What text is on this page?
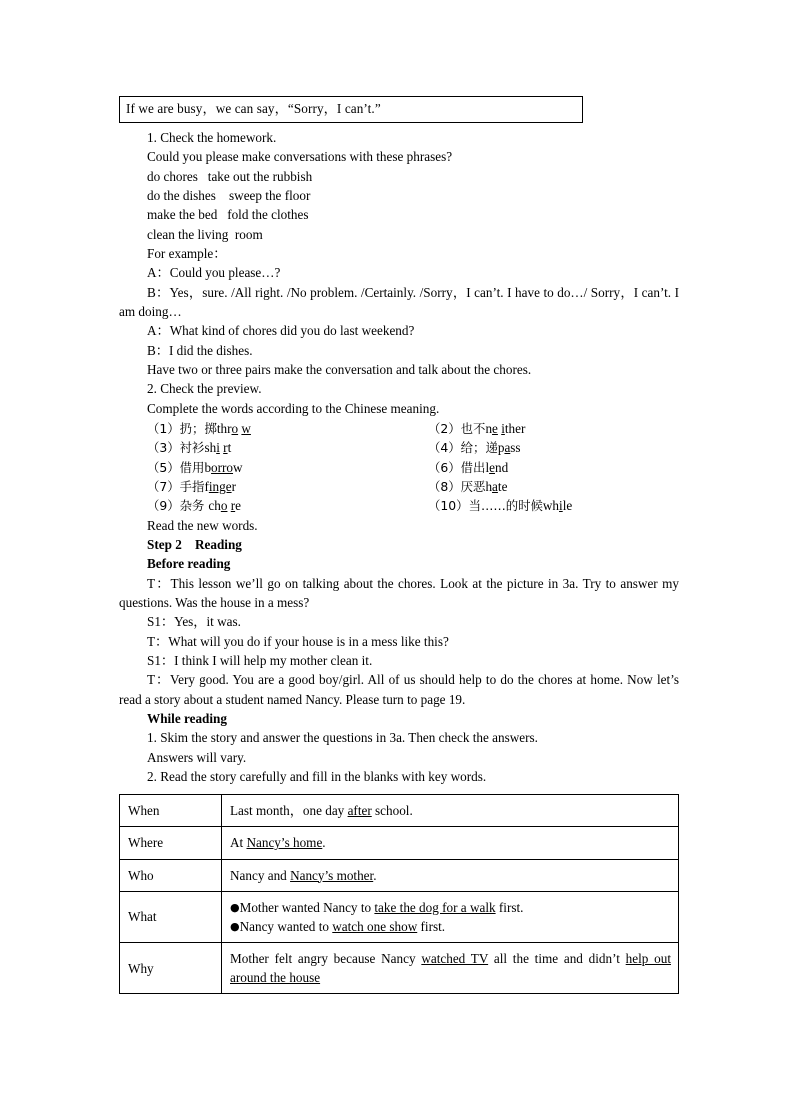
If we are busy，we can say，“Sorry，I can’t.”
1. Check the homework.
Could you please make conversations with these phrases?
do chores   take out the rubbish
do the dishes    sweep the floor
make the bed   fold the clothes
clean the living  room
For example：
A：Could you please…?
B：Yes，sure. /All right. /No problem. /Certainly. /Sorry，I can’t. I have to do…/ Sorry，I can’t. I am doing…
A：What kind of chores did you do last weekend?
B：I did the dishes.
Have two or three pairs make the conversation and talk about the chores.
2. Check the preview.
Complete the words according to the Chinese meaning.
（1）扔；掷thro w	（2）也不ne ither
（3）衬衫shi rt	（4）给；递pass
（5）借用borrow	（6）借出lend
（7）手指finger	（8）厌恶hate
（9）杂务 cho re	（10）当……的时候while
Read the new words.
Step 2　Reading
Before reading
T：This lesson we’ll go on talking about the chores. Look at the picture in 3a. Try to answer my questions. Was the house in a mess?
S1：Yes，it was.
T：What will you do if your house is in a mess like this?
S1：I think I will help my mother clean it.
T：Very good. You are a good boy/girl. All of us should help to do the chores at home. Now let’s read a story about a student named Nancy. Please turn to page 19.
While reading
1. Skim the story and answer the questions in 3a. Then check the answers.
Answers will vary.
2. Read the story carefully and fill in the blanks with key words.
When	Last month，one day after school.
Where	At Nancy’s home.
Who	Nancy and Nancy’s mother.
What	●Mother wanted Nancy to take the dog for a walk first.

●Nancy wanted to watch one show first.

Why	Mother felt angry because Nancy watched TV all the time and didn’t help out around the house
